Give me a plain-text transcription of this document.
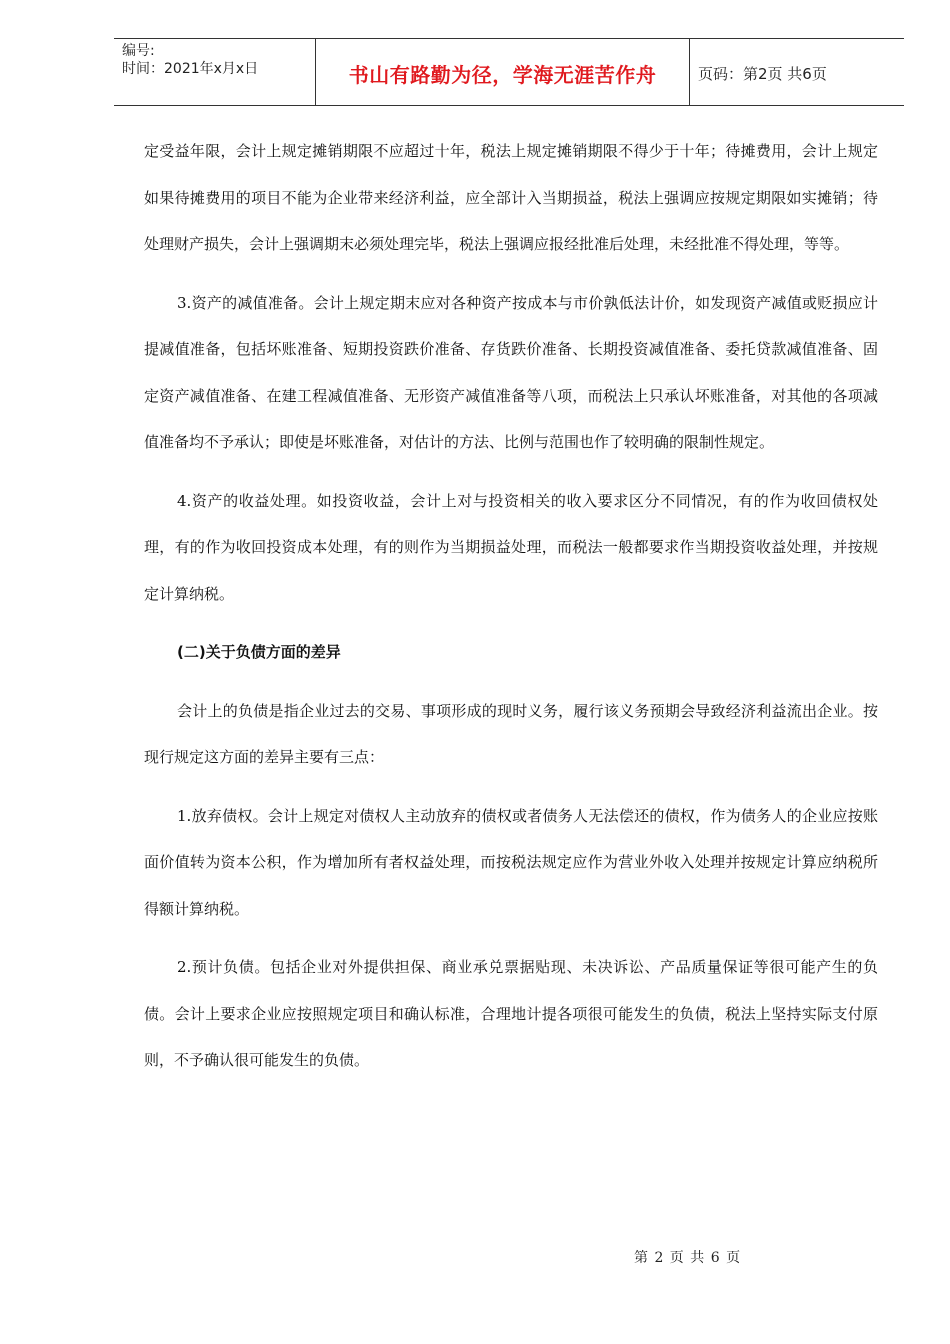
编号:
时间：2021年x月x日	书山有路勤为径，学海无涯苦作舟	页码：第2页 共6页

定受益年限，会计上规定摊销期限不应超过十年，税法上规定摊销期限不得少于十年；待摊费用，会计上规定如果待摊费用的项目不能为企业带来经济利益，应全部计入当期损益，税法上强调应按规定期限如实摊销；待处理财产损失，会计上强调期末必须处理完毕，税法上强调应报经批准后处理，未经批准不得处理，等等。

3.资产的减值准备。会计上规定期末应对各种资产按成本与市价孰低法计价，如发现资产减值或贬损应计提减值准备，包括坏账准备、短期投资跌价准备、存货跌价准备、长期投资减值准备、委托贷款减值准备、固定资产减值准备、在建工程减值准备、无形资产减值准备等八项，而税法上只承认坏账准备，对其他的各项减值准备均不予承认；即使是坏账准备，对估计的方法、比例与范围也作了较明确的限制性规定。

4.资产的收益处理。如投资收益，会计上对与投资相关的收入要求区分不同情况，有的作为收回债权处理，有的作为收回投资成本处理，有的则作为当期损益处理，而税法一般都要求作当期投资收益处理，并按规定计算纳税。

(二)关于负债方面的差异

会计上的负债是指企业过去的交易、事项形成的现时义务，履行该义务预期会导致经济利益流出企业。按现行规定这方面的差异主要有三点：

1.放弃债权。会计上规定对债权人主动放弃的债权或者债务人无法偿还的债权，作为债务人的企业应按账面价值转为资本公积，作为增加所有者权益处理，而按税法规定应作为营业外收入处理并按规定计算应纳税所得额计算纳税。

2.预计负债。包括企业对外提供担保、商业承兑票据贴现、未决诉讼、产品质量保证等很可能产生的负债。会计上要求企业应按照规定项目和确认标准，合理地计提各项很可能发生的负债，税法上坚持实际支付原则，不予确认很可能发生的负债。

第 2 页 共 6 页
